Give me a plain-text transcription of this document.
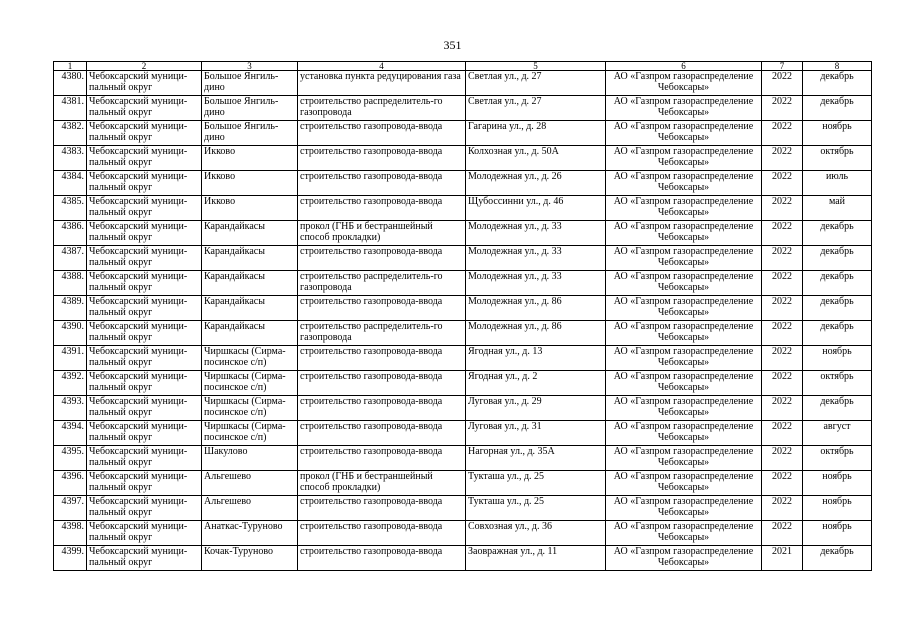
351
1	2	3	4	5	6	7	8
4380.	Чебоксарский муници-пальный округ	Большое Янгиль-дино	установка пункта редуцирования газа	Светлая ул., д. 27	АО «Газпром газораспределение Чебоксары»	2022	декабрь
4381.	Чебоксарский муници-пальный округ	Большое Янгиль-дино	строительство распределитель-го газопровода	Светлая ул., д. 27	АО «Газпром газораспределение Чебоксары»	2022	декабрь
4382.	Чебоксарский муници-пальный округ	Большое Янгиль-дино	строительство газопровода-ввода	Гагарина ул., д. 28	АО «Газпром газораспределение Чебоксары»	2022	ноябрь
4383.	Чебоксарский муници-пальный округ	Икково	строительство газопровода-ввода	Колхозная ул., д. 50А	АО «Газпром газораспределение Чебоксары»	2022	октябрь
4384.	Чебоксарский муници-пальный округ	Икково	строительство газопровода-ввода	Молодежная ул., д. 26	АО «Газпром газораспределение Чебоксары»	2022	июль
4385.	Чебоксарский муници-пальный округ	Икково	строительство газопровода-ввода	Щубоссинни ул., д. 46	АО «Газпром газораспределение Чебоксары»	2022	май
4386.	Чебоксарский муници-пальный округ	Карандайкасы	прокол (ГНБ и бестраншейный способ прокладки)	Молодежная ул., д. 33	АО «Газпром газораспределение Чебоксары»	2022	декабрь
4387.	Чебоксарский муници-пальный округ	Карандайкасы	строительство газопровода-ввода	Молодежная ул., д. 33	АО «Газпром газораспределение Чебоксары»	2022	декабрь
4388.	Чебоксарский муници-пальный округ	Карандайкасы	строительство распределитель-го газопровода	Молодежная ул., д. 33	АО «Газпром газораспределение Чебоксары»	2022	декабрь
4389.	Чебоксарский муници-пальный округ	Карандайкасы	строительство газопровода-ввода	Молодежная ул., д. 86	АО «Газпром газораспределение Чебоксары»	2022	декабрь
4390.	Чебоксарский муници-пальный округ	Карандайкасы	строительство распределитель-го газопровода	Молодежная ул., д. 86	АО «Газпром газораспределение Чебоксары»	2022	декабрь
4391.	Чебоксарский муници-пальный округ	Чиршкасы (Сирма-посинское с/п)	строительство газопровода-ввода	Ягодная ул., д. 13	АО «Газпром газораспределение Чебоксары»	2022	ноябрь
4392.	Чебоксарский муници-пальный округ	Чиршкасы (Сирма-посинское с/п)	строительство газопровода-ввода	Ягодная ул., д. 2	АО «Газпром газораспределение Чебоксары»	2022	октябрь
4393.	Чебоксарский муници-пальный округ	Чиршкасы (Сирма-посинское с/п)	строительство газопровода-ввода	Луговая ул., д. 29	АО «Газпром газораспределение Чебоксары»	2022	декабрь
4394.	Чебоксарский муници-пальный округ	Чиршкасы (Сирма-посинское с/п)	строительство газопровода-ввода	Луговая ул., д. 31	АО «Газпром газораспределение Чебоксары»	2022	август
4395.	Чебоксарский муници-пальный округ	Шакулово	строительство газопровода-ввода	Нагорная ул., д. 35А	АО «Газпром газораспределение Чебоксары»	2022	октябрь
4396.	Чебоксарский муници-пальный округ	Альгешево	прокол (ГНБ и бестраншейный способ прокладки)	Тукташа ул., д. 25	АО «Газпром газораспределение Чебоксары»	2022	ноябрь
4397.	Чебоксарский муници-пальный округ	Альгешево	строительство газопровода-ввода	Тукташа ул., д. 25	АО «Газпром газораспределение Чебоксары»	2022	ноябрь
4398.	Чебоксарский муници-пальный округ	Анаткас-Туруново	строительство газопровода-ввода	Совхозная ул., д. 36	АО «Газпром газораспределение Чебоксары»	2022	ноябрь
4399.	Чебоксарский муници-пальный округ	Кочак-Туруново	строительство газопровода-ввода	Заовражная ул., д. 11	АО «Газпром газораспределение Чебоксары»	2021	декабрь
